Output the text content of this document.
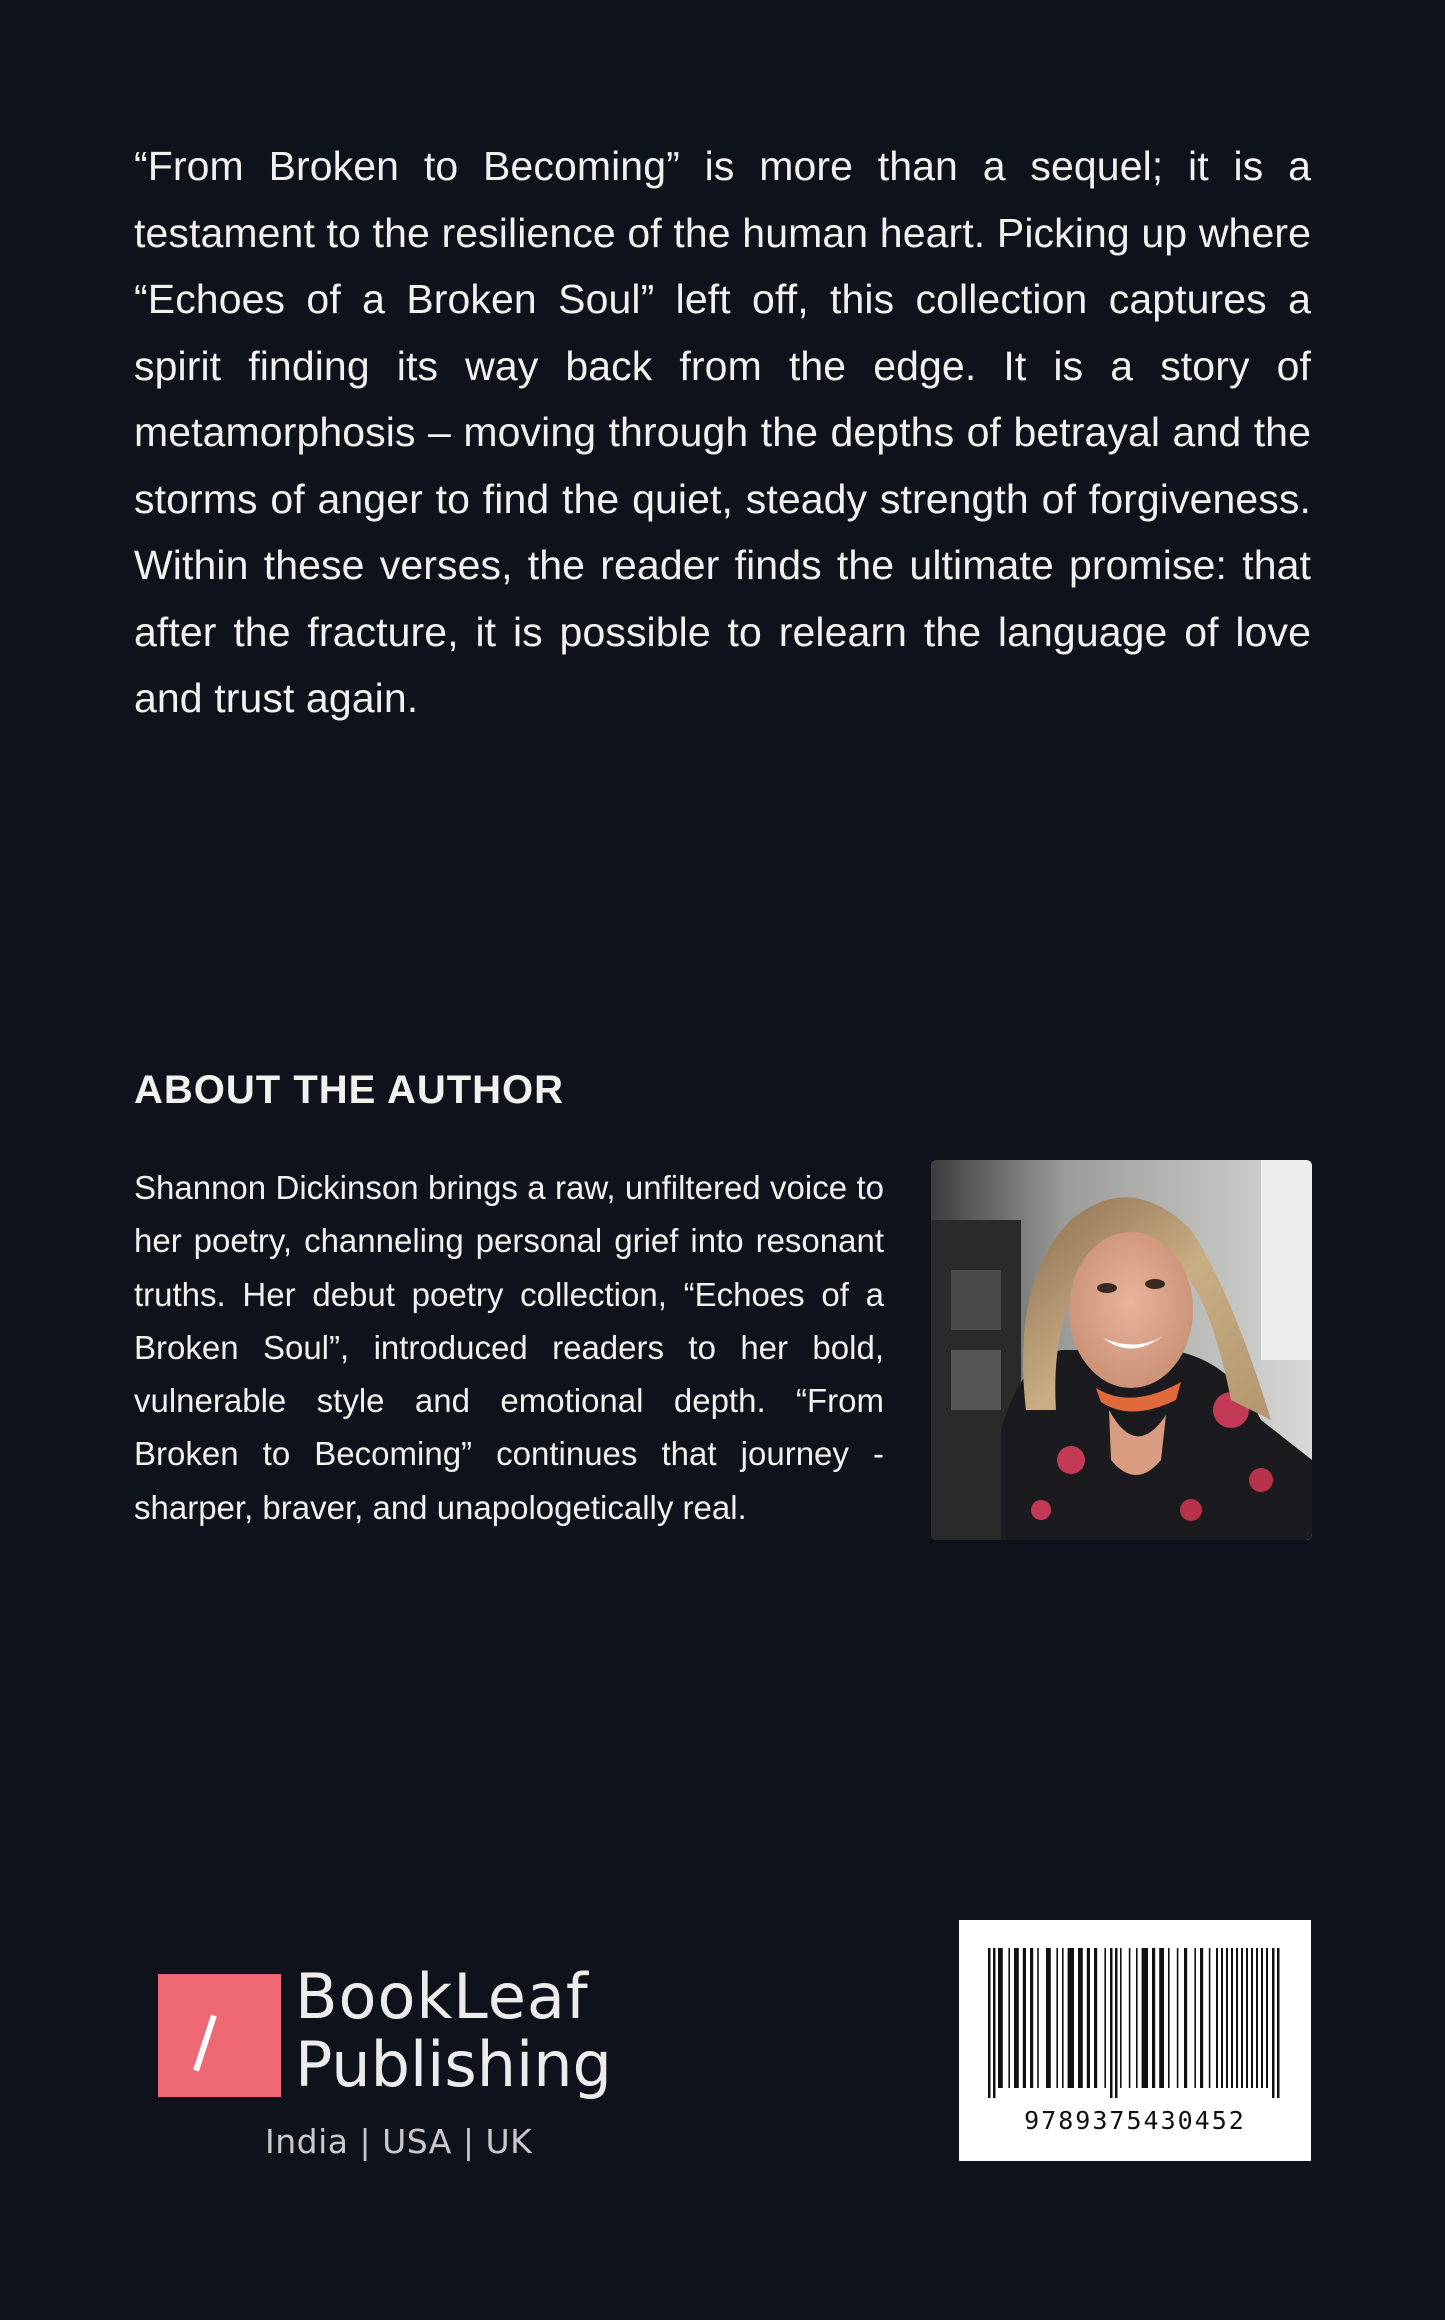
“From Broken to Becoming” is more than a sequel; it is a testament to the resilience of the human heart. Picking up where “Echoes of a Broken Soul” left off, this collection captures a spirit finding its way back from the edge. It is a story of metamorphosis – moving through the depths of betrayal and the storms of anger to find the quiet, steady strength of forgiveness. Within these verses, the reader finds the ultimate promise: that after the fracture, it is possible to relearn the language of love and trust again.

ABOUT THE AUTHOR

Shannon Dickinson brings a raw, unfiltered voice to her poetry, channeling personal grief into resonant truths. Her debut poetry collection, “Echoes of a Broken Soul”, introduced readers to her bold, vulnerable style and emotional depth. “From Broken to Becoming” continues that journey - sharper, braver, and unapologetically real.

BookLeaf
Publishing
India | USA | UK

9789375430452
